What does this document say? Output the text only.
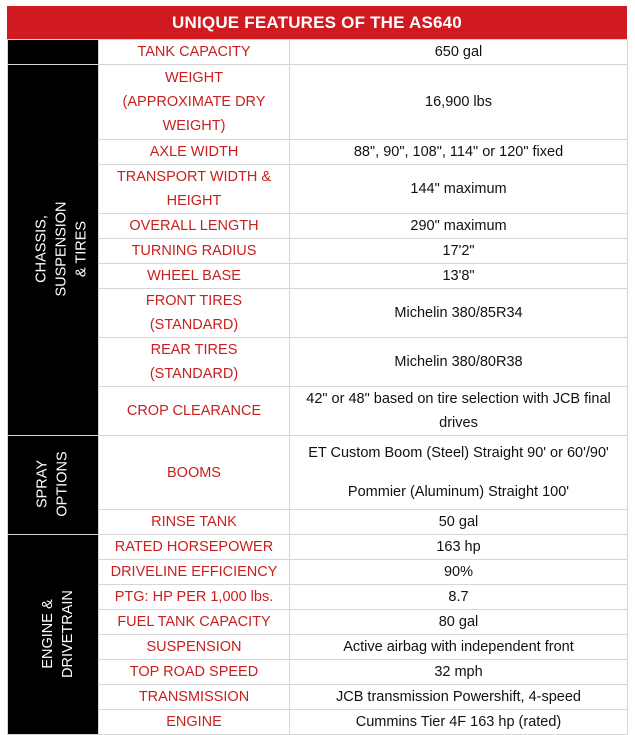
UNIQUE FEATURES OF THE AS640
	TANK CAPACITY	650 gal

CHASSIS, SUSPENSION & TIRES	WEIGHT
(APPROXIMATE DRY
WEIGHT)	16,900 lbs
	AXLE WIDTH	88", 90", 108", 114" or 120" fixed

	TRANSPORT WIDTH &
HEIGHT	144" maximum
	OVERALL LENGTH	290" maximum
	TURNING RADIUS	17'2"
	WHEEL BASE	13'8"
	FRONT TIRES (STANDARD)	Michelin 380/85R34
	REAR TIRES (STANDARD)	Michelin 380/80R38
	CROP CLEARANCE	42" or 48" based on tire selection with JCB final
drives

SPRAY OPTIONS	BOOMS	ET Custom Boom (Steel) Straight 90' or 60'/90'
Pommier (Aluminum) Straight 100'

	RINSE TANK	50 gal

ENGINE & DRIVETRAIN	RATED HORSEPOWER	163 hp
	DRIVELINE EFFICIENCY	90%
	PTG: HP PER 1,000 lbs.	8.7
	FUEL TANK CAPACITY	80 gal
	SUSPENSION	Active airbag with independent front
	TOP ROAD SPEED	32 mph
	TRANSMISSION	JCB transmission Powershift, 4-speed
	ENGINE	Cummins Tier 4F 163 hp (rated)
